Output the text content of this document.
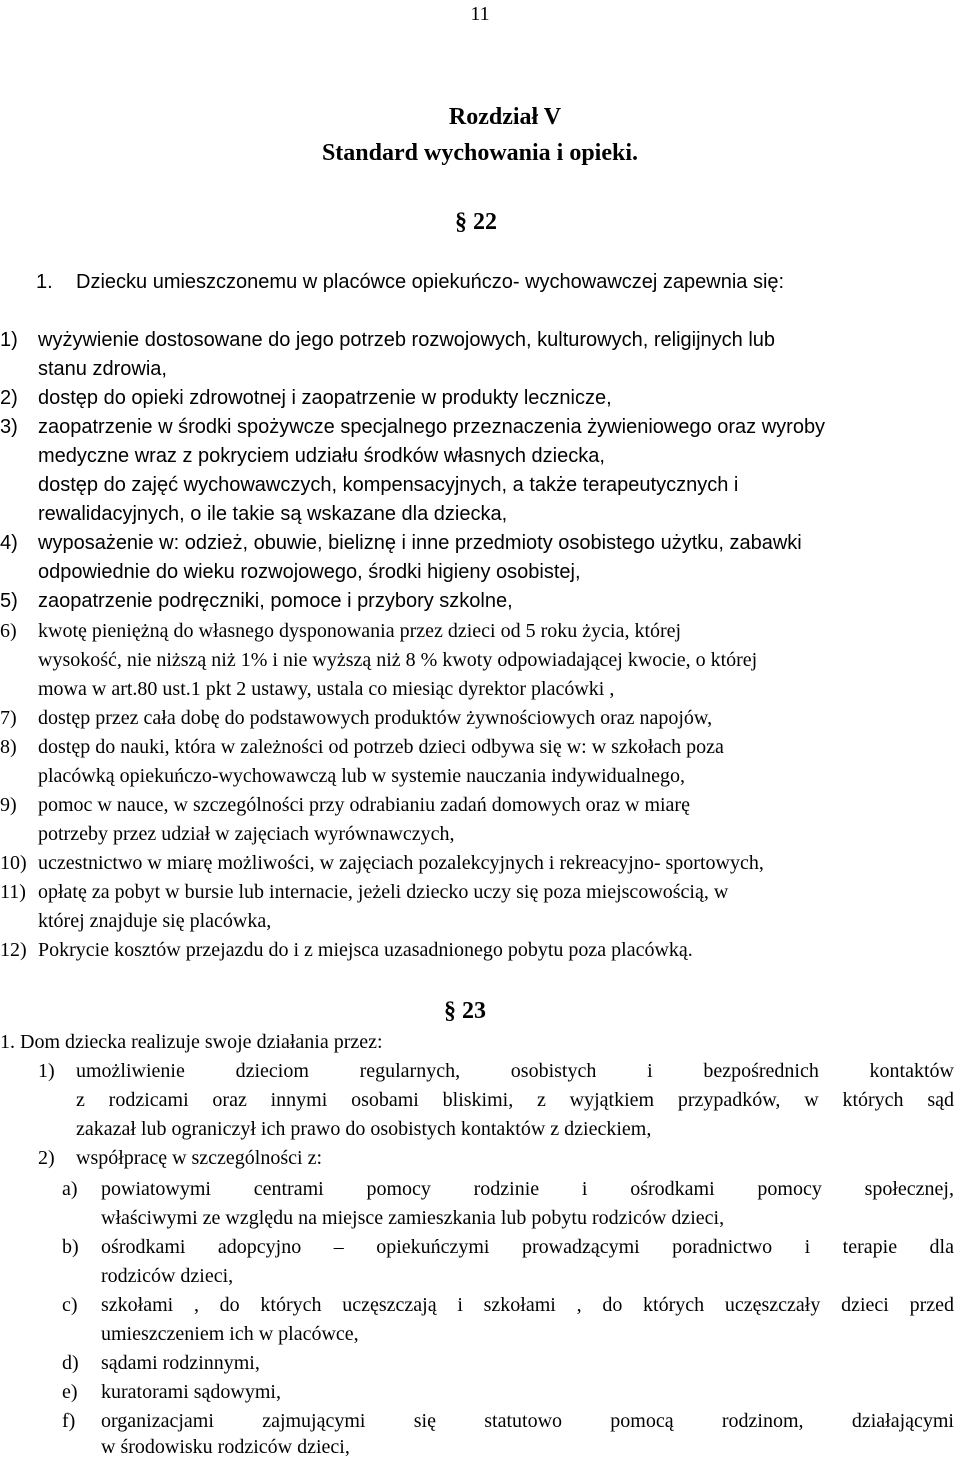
11
Rozdział V
Standard wychowania i opieki.
§ 22
1. Dziecku umieszczonemu w placówce opiekuńczo- wychowawczej zapewnia się:
1) wyżywienie dostosowane do jego potrzeb rozwojowych, kulturowych, religijnych lub
stanu zdrowia,
2) dostęp do opieki zdrowotnej i zaopatrzenie w produkty lecznicze,
3) zaopatrzenie w środki spożywcze specjalnego przeznaczenia żywieniowego oraz wyroby
medyczne wraz z pokryciem udziału środków własnych dziecka,
dostęp do zajęć wychowawczych, kompensacyjnych, a także terapeutycznych i
rewalidacyjnych, o ile takie są wskazane dla dziecka,
4) wyposażenie w: odzież, obuwie, bieliznę i inne przedmioty osobistego użytku, zabawki
odpowiednie do wieku rozwojowego, środki higieny osobistej,
5) zaopatrzenie podręczniki, pomoce i przybory szkolne,
6) kwotę pieniężną do własnego dysponowania przez dzieci od 5 roku życia, której
wysokość, nie niższą niż 1% i nie wyższą niż 8 % kwoty odpowiadającej kwocie, o której
mowa w art.80 ust.1 pkt 2 ustawy, ustala co miesiąc dyrektor placówki ,
7) dostęp przez cała dobę do podstawowych produktów żywnościowych oraz napojów,
8) dostęp do nauki, która w zależności od potrzeb dzieci odbywa się w: w szkołach poza
placówką opiekuńczo-wychowawczą lub w systemie nauczania indywidualnego,
9) pomoc w nauce, w szczególności przy odrabianiu zadań domowych oraz w miarę
potrzeby przez udział w zajęciach wyrównawczych,
10) uczestnictwo w miarę możliwości, w zajęciach pozalekcyjnych i rekreacyjno- sportowych,
11) opłatę za pobyt w bursie lub internacie, jeżeli dziecko uczy się poza miejscowością, w
której znajduje się placówka,
12) Pokrycie kosztów przejazdu do i z miejsca uzasadnionego pobytu poza placówką.
§ 23
1. Dom dziecka realizuje swoje działania przez:
1) umożliwienie dzieciom regularnych, osobistych i bezpośrednich kontaktów
z rodzicami oraz innymi osobami bliskimi, z wyjątkiem przypadków, w których sąd
zakazał lub ograniczył ich prawo do osobistych kontaktów z dzieckiem,
2) współpracę w szczególności z:
a) powiatowymi centrami pomocy rodzinie i ośrodkami pomocy społecznej,
właściwymi ze względu na miejsce zamieszkania lub pobytu rodziców dzieci,
b) ośrodkami adopcyjno – opiekuńczymi prowadzącymi poradnictwo i terapie dla
rodziców dzieci,
c) szkołami , do których uczęszczają i szkołami , do których uczęszczały dzieci przed
umieszczeniem ich w placówce,
d) sądami rodzinnymi,
e) kuratorami sądowymi,
f) organizacjami zajmującymi się statutowo pomocą rodzinom, działającymi
w środowisku rodziców dzieci,
